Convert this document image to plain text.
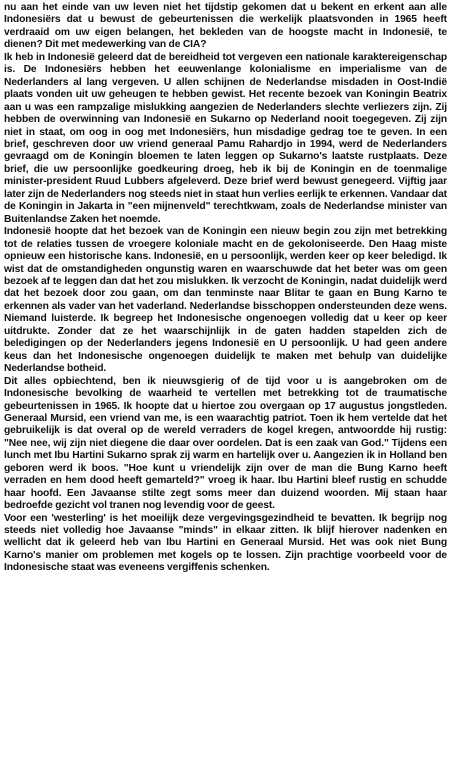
nu aan het einde van uw leven niet het tijdstip gekomen dat u bekent en erkent aan alle Indonesiërs dat u bewust de gebeurtenissen die werkelijk plaatsvonden in 1965 heeft verdraaid om uw eigen belangen, het bekleden van de hoogste macht in Indonesië, te dienen? Dit met medewerking van de CIA?

Ik heb in Indonesië geleerd dat de bereidheid tot vergeven een nationale karaktereigenschap is. De Indonesiërs hebben het eeuwenlange kolonialisme en imperialisme van de Nederlanders al lang vergeven. U allen schijnen de Nederlandse misdaden in Oost-Indië plaats vonden uit uw geheugen te hebben gewist. Het recente bezoek van Koningin Beatrix aan u was een rampzalige mislukking aangezien de Nederlanders slechte verliezers zijn. Zij hebben de overwinning van Indonesië en Sukarno op Nederland nooit toegegeven. Zij zijn niet in staat, om oog in oog met Indonesiërs, hun misdadige gedrag toe te geven. In een brief, geschreven door uw vriend generaal Pamu Rahardjo in 1994, werd de Nederlanders gevraagd om de Koningin bloemen te laten leggen op Sukarno's laatste rustplaats. Deze brief, die uw persoonlijke goedkeuring droeg, heb ik bij de Koningin en de toenmalige minister-president Ruud Lubbers afgeleverd. Deze brief werd bewust genegeerd. Vijftig jaar later zijn de Nederlanders nog steeds niet in staat hun verlies eerlijk te erkennen. Vandaar dat de Koningin in Jakarta in "een mijnenveld" terechtkwam, zoals de Nederlandse minister van Buitenlandse Zaken het noemde.

Indonesië hoopte dat het bezoek van de Koningin een nieuw begin zou zijn met betrekking tot de relaties tussen de vroegere koloniale macht en de gekoloniseerde. Den Haag miste opnieuw een historische kans. Indonesië, en u persoonlijk, werden keer op keer beledigd. Ik wist dat de omstandigheden ongunstig waren en waarschuwde dat het beter was om geen bezoek af te leggen dan dat het zou mislukken. Ik verzocht de Koningin, nadat duidelijk werd dat het bezoek door zou gaan, om dan tenminste naar Blitar te gaan en Bung Karno te erkennen als vader van het vaderland. Nederlandse bisschoppen ondersteunden deze wens. Niemand luisterde. Ik begreep het Indonesische ongenoegen volledig dat u keer op keer uitdrukte. Zonder dat ze het waarschijnlijk in de gaten hadden stapelden zich de beledigingen op der Nederlanders jegens Indonesië en U persoonlijk. U had geen andere keus dan het Indonesische ongenoegen duidelijk te maken met behulp van duidelijke Nederlandse botheid.

Dit alles opbiechtend, ben ik nieuwsgierig of de tijd voor u is aangebroken om de Indonesische bevolking de waarheid te vertellen met betrekking tot de traumatische gebeurtenissen in 1965. Ik hoopte dat u hiertoe zou overgaan op 17 augustus jongstleden. Generaal Mursid, een vriend van me, is een waarachtig patriot. Toen ik hem vertelde dat het gebruikelijk is dat overal op de wereld verraders de kogel kregen, antwoordde hij rustig: "Nee nee, wij zijn niet diegene die daar over oordelen. Dat is een zaak van God." Tijdens een lunch met Ibu Hartini Sukarno sprak zij warm en hartelijk over u. Aangezien ik in Holland ben geboren werd ik boos. "Hoe kunt u vriendelijk zijn over de man die Bung Karno heeft verraden en hem dood heeft gemarteld?" vroeg ik haar. Ibu Hartini bleef rustig en schudde haar hoofd. Een Javaanse stilte zegt soms meer dan duizend woorden. Mij staan haar bedroefde gezicht vol tranen nog levendig voor de geest.

Voor een 'westerling' is het moeilijk deze vergevingsgezindheid te bevatten. Ik begrijp nog steeds niet volledig hoe Javaanse "minds" in elkaar zitten. Ik blijf hierover nadenken en wellicht dat ik geleerd heb van Ibu Hartini en Generaal Mursid. Het was ook niet Bung Karno's manier om problemen met kogels op te lossen. Zijn prachtige voorbeeld voor de Indonesische staat was eveneens vergiffenis schenken.
